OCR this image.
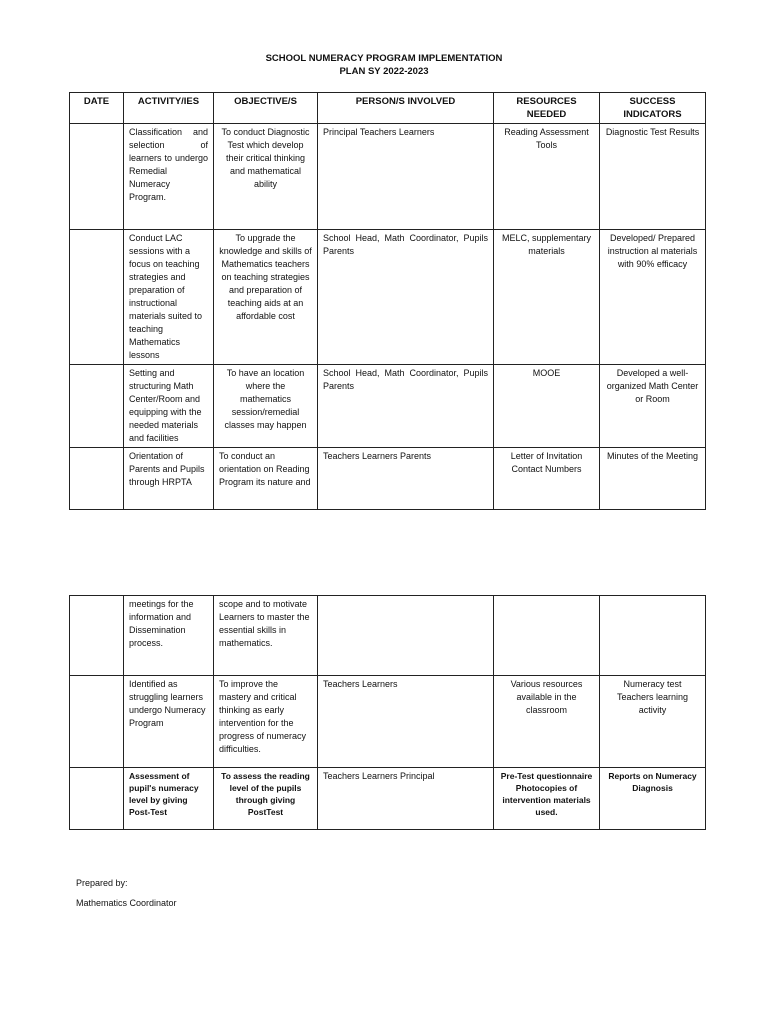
SCHOOL NUMERACY PROGRAM IMPLEMENTATION
PLAN SY 2022-2023
DATE	ACTIVITY/IES	OBJECTIVE/S	PERSON/S INVOLVED	RESOURCES NEEDED	SUCCESS INDICATORS
	Classification and selection of learners to undergo Remedial Numeracy Program.	To conduct Diagnostic Test which develop their critical thinking and mathematical ability	Principal Teachers Learners	Reading Assessment Tools	Diagnostic Test Results
	Conduct LAC sessions with a focus on teaching strategies and preparation of instructional materials suited to teaching Mathematics lessons	To upgrade the knowledge and skills of Mathematics teachers on teaching strategies and preparation of teaching aids at an affordable cost	School Head, Math Coordinator, Pupils Parents	MELC, supplementary materials	Developed/ Prepared instruction al materials with 90% efficacy
	Setting and structuring Math Center/Room and equipping with the needed materials and facilities	To have an location where the mathematics session/remedial classes may happen	School Head, Math Coordinator, Pupils Parents	MOOE	Developed a well-organized Math Center or Room
	Orientation of Parents and Pupils through HRPTA	To conduct an orientation on Reading Program its nature and	Teachers Learners Parents	Letter of Invitation Contact Numbers	Minutes of the Meeting
	meetings for the information and Dissemination process.	scope and to motivate Learners to master the essential skills in mathematics.			
	Identified as struggling learners undergo Numeracy Program	To improve the mastery and critical thinking as early intervention for the progress of numeracy difficulties.	Teachers Learners	Various resources available in the classroom	Numeracy test Teachers learning activity
	Assessment of pupil's numeracy level by giving Post-Test	To assess the reading level of the pupils through giving PostTest	Teachers Learners Principal	Pre-Test questionnaire Photocopies of intervention materials used.	Reports on Numeracy Diagnosis
Prepared by:
Mathematics Coordinator
